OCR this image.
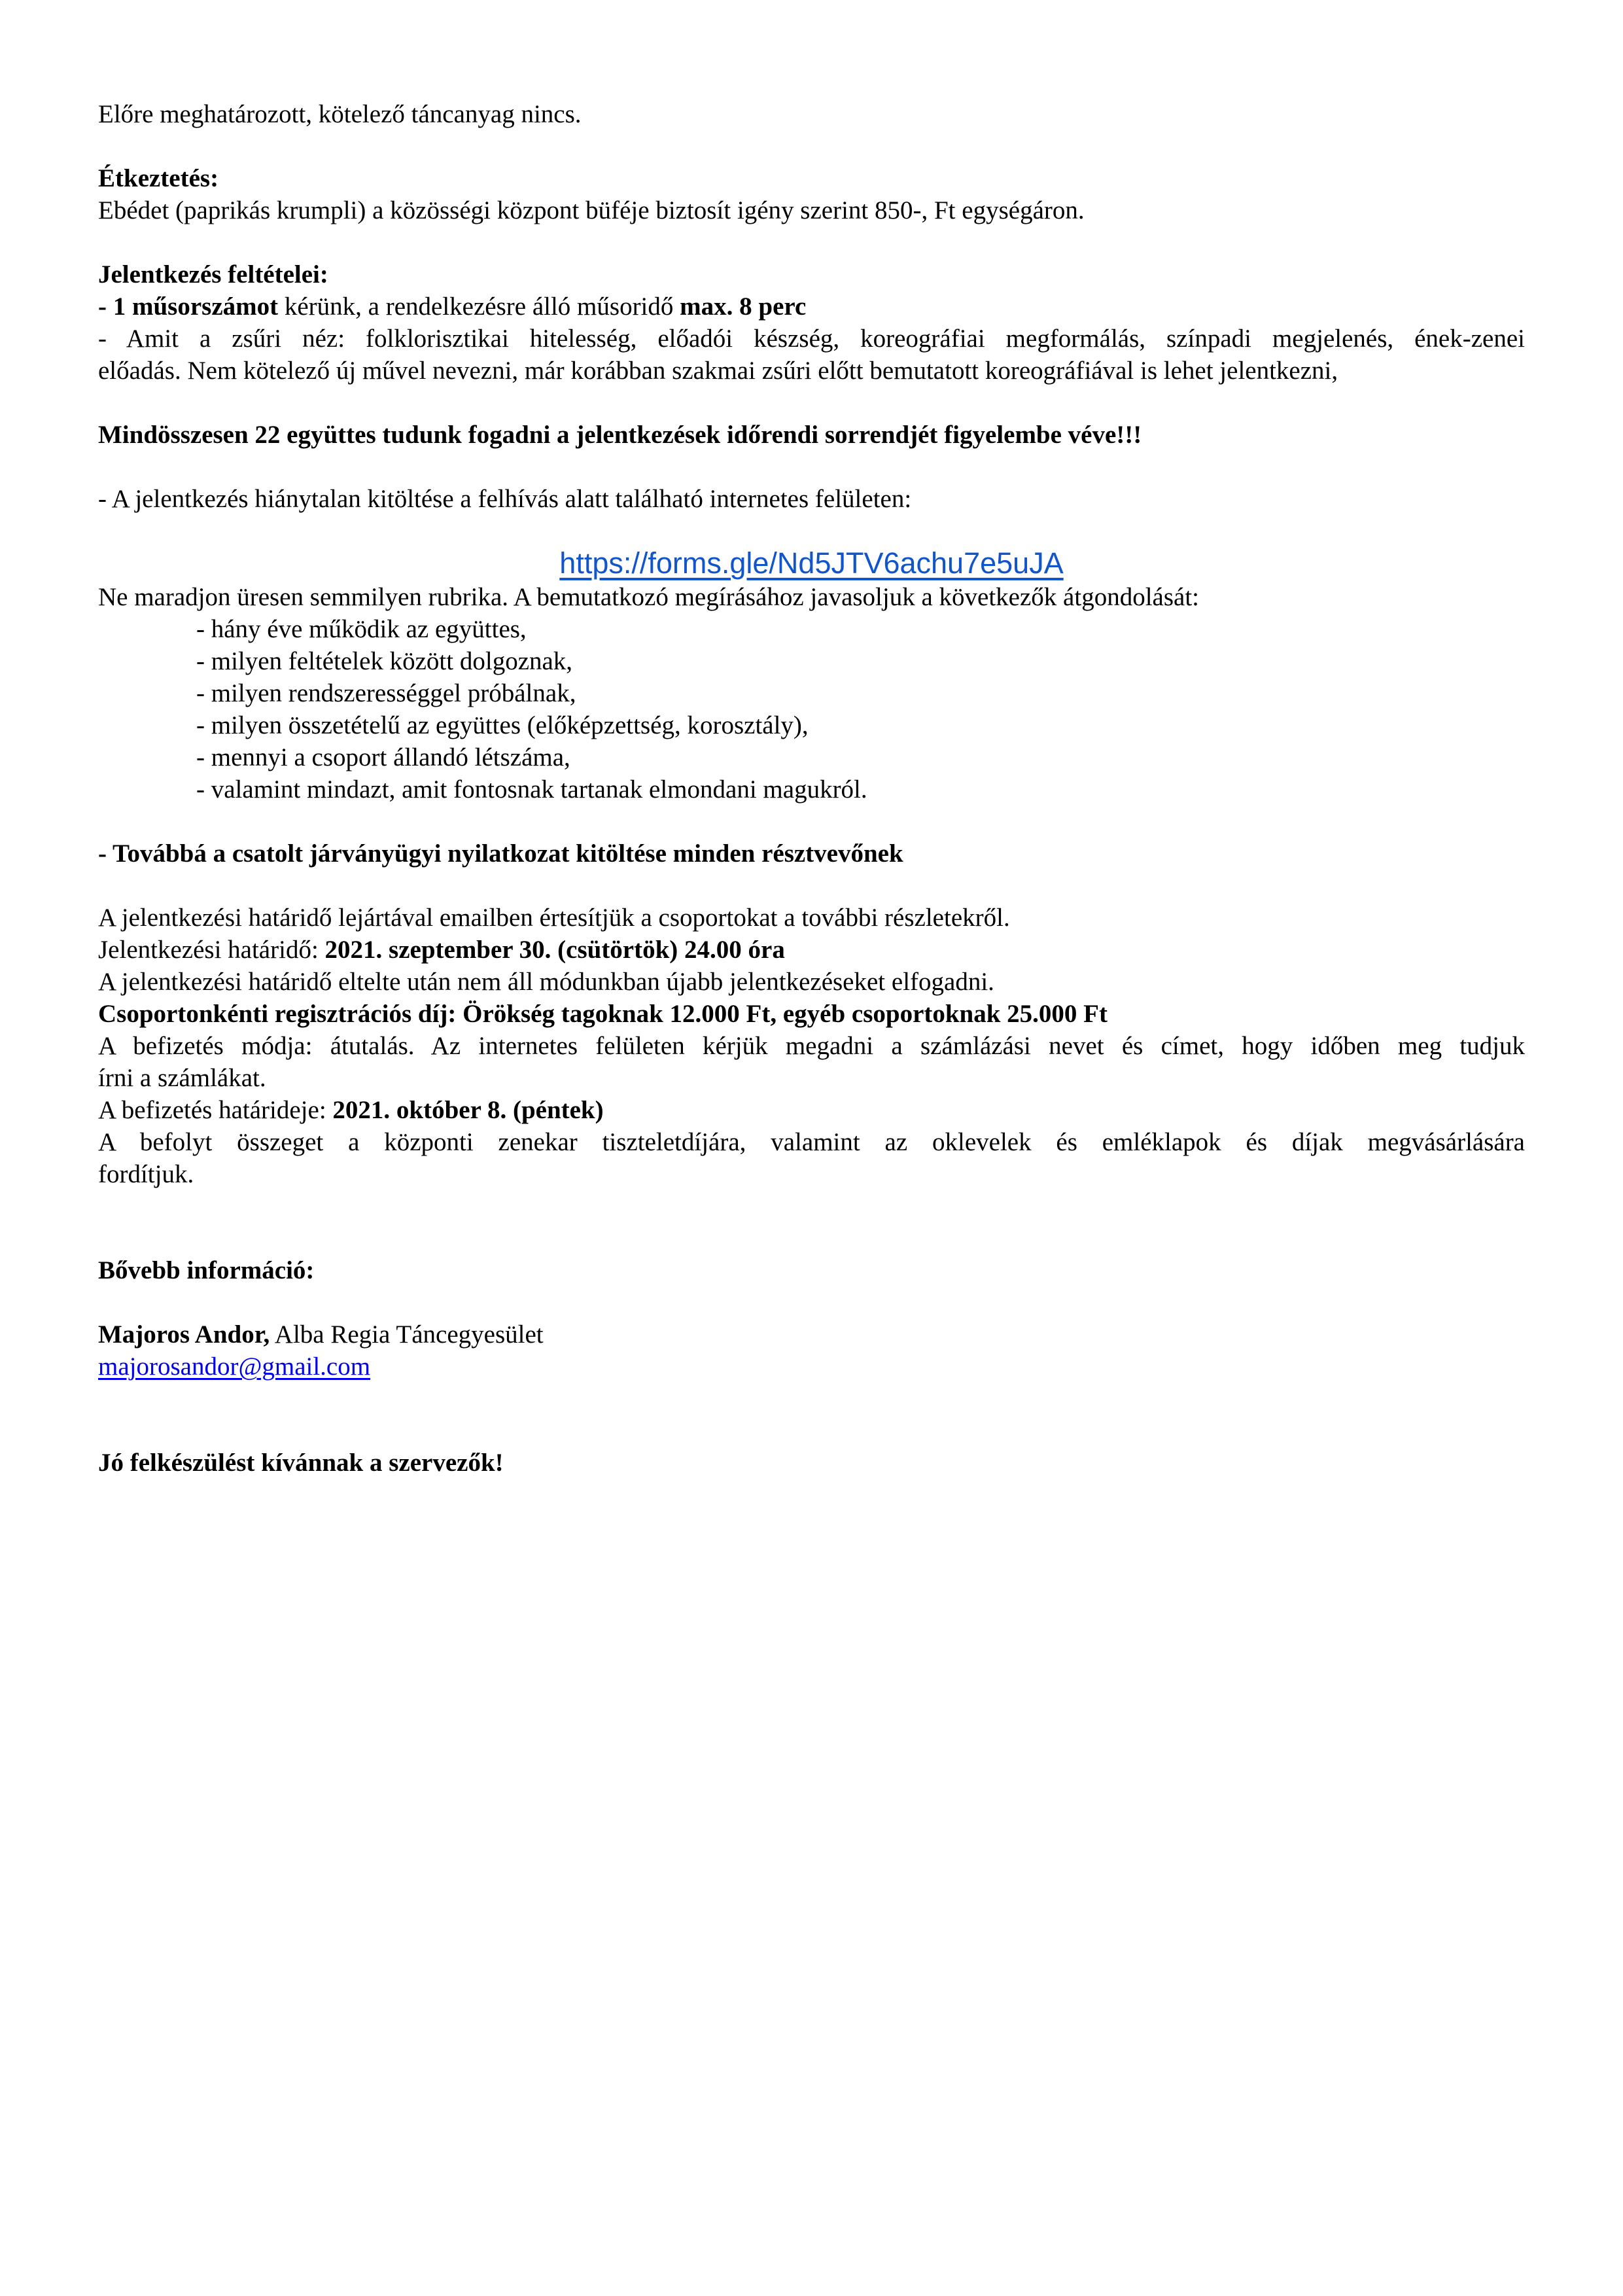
Előre meghatározott, kötelező táncanyag nincs.
Étkeztetés:
Ebédet (paprikás krumpli) a közösségi központ büféje biztosít igény szerint 850-, Ft egységáron.
Jelentkezés feltételei:
- 1 műsorszámot kérünk, a rendelkezésre álló műsoridő max. 8 perc
- Amit a zsűri néz: folklorisztikai hitelesség, előadói készség, koreográfiai megformálás, színpadi megjelenés, ének-zenei
előadás. Nem kötelező új művel nevezni, már korábban szakmai zsűri előtt bemutatott koreográfiával is lehet jelentkezni,
Mindösszesen 22 együttes tudunk fogadni a jelentkezések időrendi sorrendjét figyelembe véve!!!
- A jelentkezés hiánytalan kitöltése a felhívás alatt található internetes felületen:
https://forms.gle/Nd5JTV6achu7e5uJA
Ne maradjon üresen semmilyen rubrika. A bemutatkozó megírásához javasoljuk a következők átgondolását:
- hány éve működik az együttes,
- milyen feltételek között dolgoznak,
- milyen rendszerességgel próbálnak,
- milyen összetételű az együttes (előképzettség, korosztály),
- mennyi a csoport állandó létszáma,
- valamint mindazt, amit fontosnak tartanak elmondani magukról.
- Továbbá a csatolt járványügyi nyilatkozat kitöltése minden résztvevőnek
A jelentkezési határidő lejártával emailben értesítjük a csoportokat a további részletekről.
Jelentkezési határidő: 2021. szeptember 30. (csütörtök) 24.00 óra
A jelentkezési határidő eltelte után nem áll módunkban újabb jelentkezéseket elfogadni.
Csoportonkénti regisztrációs díj: Örökség tagoknak 12.000 Ft, egyéb csoportoknak 25.000 Ft
A befizetés módja: átutalás. Az internetes felületen kérjük megadni a számlázási nevet és címet, hogy időben meg tudjuk
írni a számlákat.
A befizetés határideje: 2021. október 8. (péntek)
A befolyt összeget a központi zenekar tiszteletdíjára, valamint az oklevelek és emléklapok és díjak megvásárlására
fordítjuk.
Bővebb információ:
Majoros Andor, Alba Regia Táncegyesület
majorosandor@gmail.com
Jó felkészülést kívánnak a szervezők!
